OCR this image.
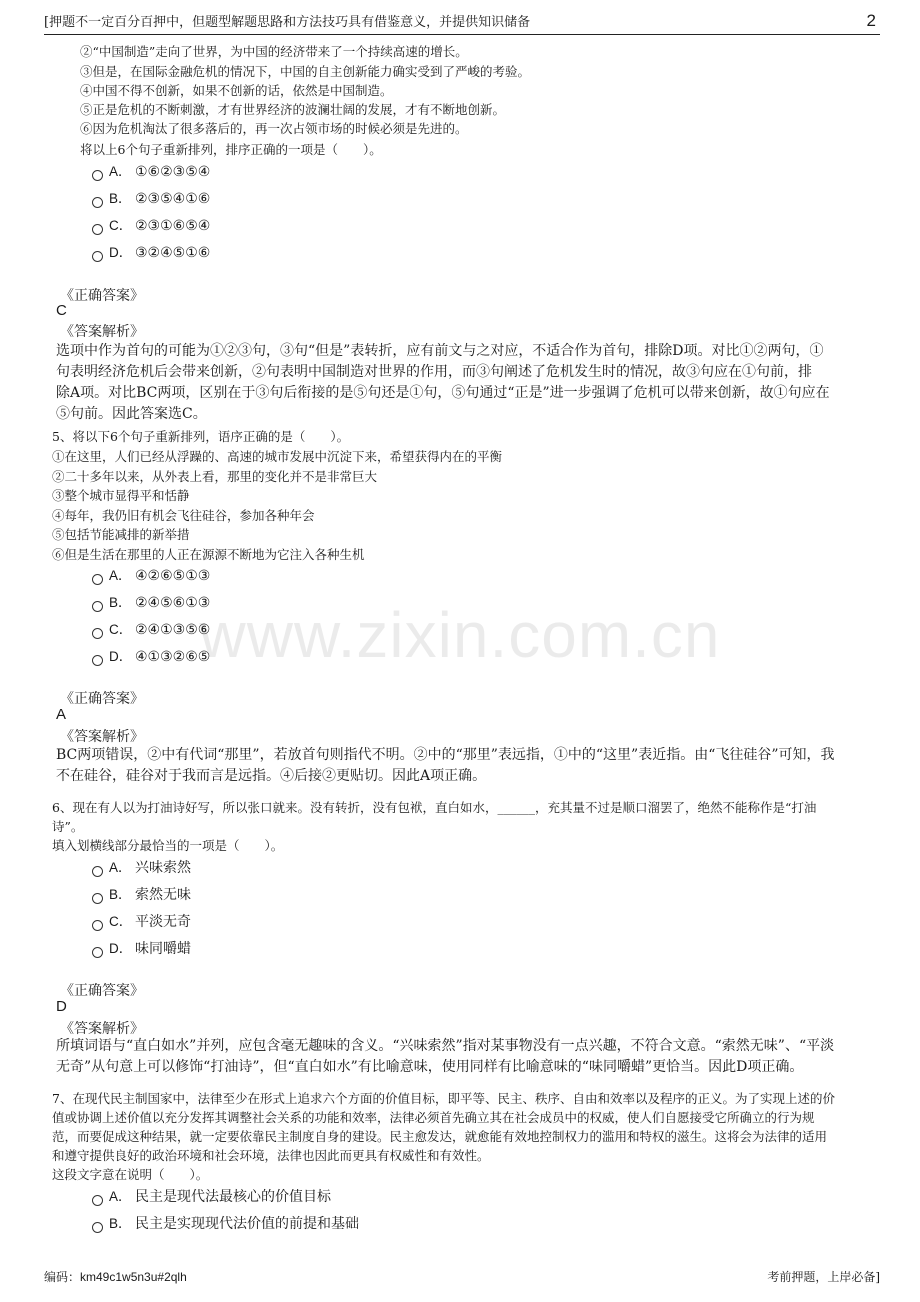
[押题不一定百分百押中，但题型解题思路和方法技巧具有借鉴意义，并提供知识储备	2
www.zixin.com.cn
②“中国制造”走向了世界，为中国的经济带来了一个持续高速的增长。
③但是，在国际金融危机的情况下，中国的自主创新能力确实受到了严峻的考验。
④中国不得不创新，如果不创新的话，依然是中国制造。
⑤正是危机的不断刺激，才有世界经济的波澜壮阔的发展，才有不断地创新。
⑥因为危机淘汰了很多落后的，再一次占领市场的时候必须是先进的。
将以上6个句子重新排列，排序正确的一项是（　　）。
A． ①⑥②③⑤④
B． ②③⑤④①⑥
C． ②③①⑥⑤④
D． ③②④⑤①⑥
《正确答案》
C
《答案解析》
选项中作为首句的可能为①②③句，③句“但是”表转折，应有前文与之对应，不适合作为首句，排除D项。对比①②两句，①
句表明经济危机后会带来创新，②句表明中国制造对世界的作用，而③句阐述了危机发生时的情况，故③句应在①句前，排
除A项。对比BC两项，区别在于③句后衔接的是⑤句还是①句，⑤句通过“正是”进一步强调了危机可以带来创新，故①句应在
⑤句前。因此答案选C。
5、将以下6个句子重新排列，语序正确的是（　　）。
①在这里，人们已经从浮躁的、高速的城市发展中沉淀下来，希望获得内在的平衡
②二十多年以来，从外表上看，那里的变化并不是非常巨大
③整个城市显得平和恬静
④每年，我仍旧有机会飞往硅谷，参加各种年会
⑤包括节能减排的新举措
⑥但是生活在那里的人正在源源不断地为它注入各种生机
A． ④②⑥⑤①③
B． ②④⑤⑥①③
C． ②④①③⑤⑥
D． ④①③②⑥⑤
《正确答案》
A
《答案解析》
BC两项错误，②中有代词“那里”，若放首句则指代不明。②中的“那里”表远指，①中的“这里”表近指。由“飞往硅谷”可知，我
不在硅谷，硅谷对于我而言是远指。④后接②更贴切。因此A项正确。
6、现在有人以为打油诗好写，所以张口就来。没有转折，没有包袱，直白如水，______，充其量不过是顺口溜罢了，绝然不能称作是“打油
诗”。
填入划横线部分最恰当的一项是（　　）。
A． 兴味索然
B． 索然无味
C． 平淡无奇
D． 味同嚼蜡
《正确答案》
D
《答案解析》
所填词语与“直白如水”并列，应包含毫无趣味的含义。“兴味索然”指对某事物没有一点兴趣，不符合文意。“索然无味”、“平淡
无奇”从句意上可以修饰“打油诗”，但“直白如水”有比喻意味，使用同样有比喻意味的“味同嚼蜡”更恰当。因此D项正确。
7、在现代民主制国家中，法律至少在形式上追求六个方面的价值目标，即平等、民主、秩序、自由和效率以及程序的正义。为了实现上述的价
值或协调上述价值以充分发挥其调整社会关系的功能和效率，法律必须首先确立其在社会成员中的权威，使人们自愿接受它所确立的行为规
范，而要促成这种结果，就一定要依靠民主制度自身的建设。民主愈发达，就愈能有效地控制权力的滥用和特权的滋生。这将会为法律的适用
和遵守提供良好的政治环境和社会环境，法律也因此而更具有权威性和有效性。
这段文字意在说明（　　）。
A． 民主是现代法最核心的价值目标
B． 民主是实现现代法价值的前提和基础
编码：km49c1w5n3u#2qlh	考前押题，上岸必备]
